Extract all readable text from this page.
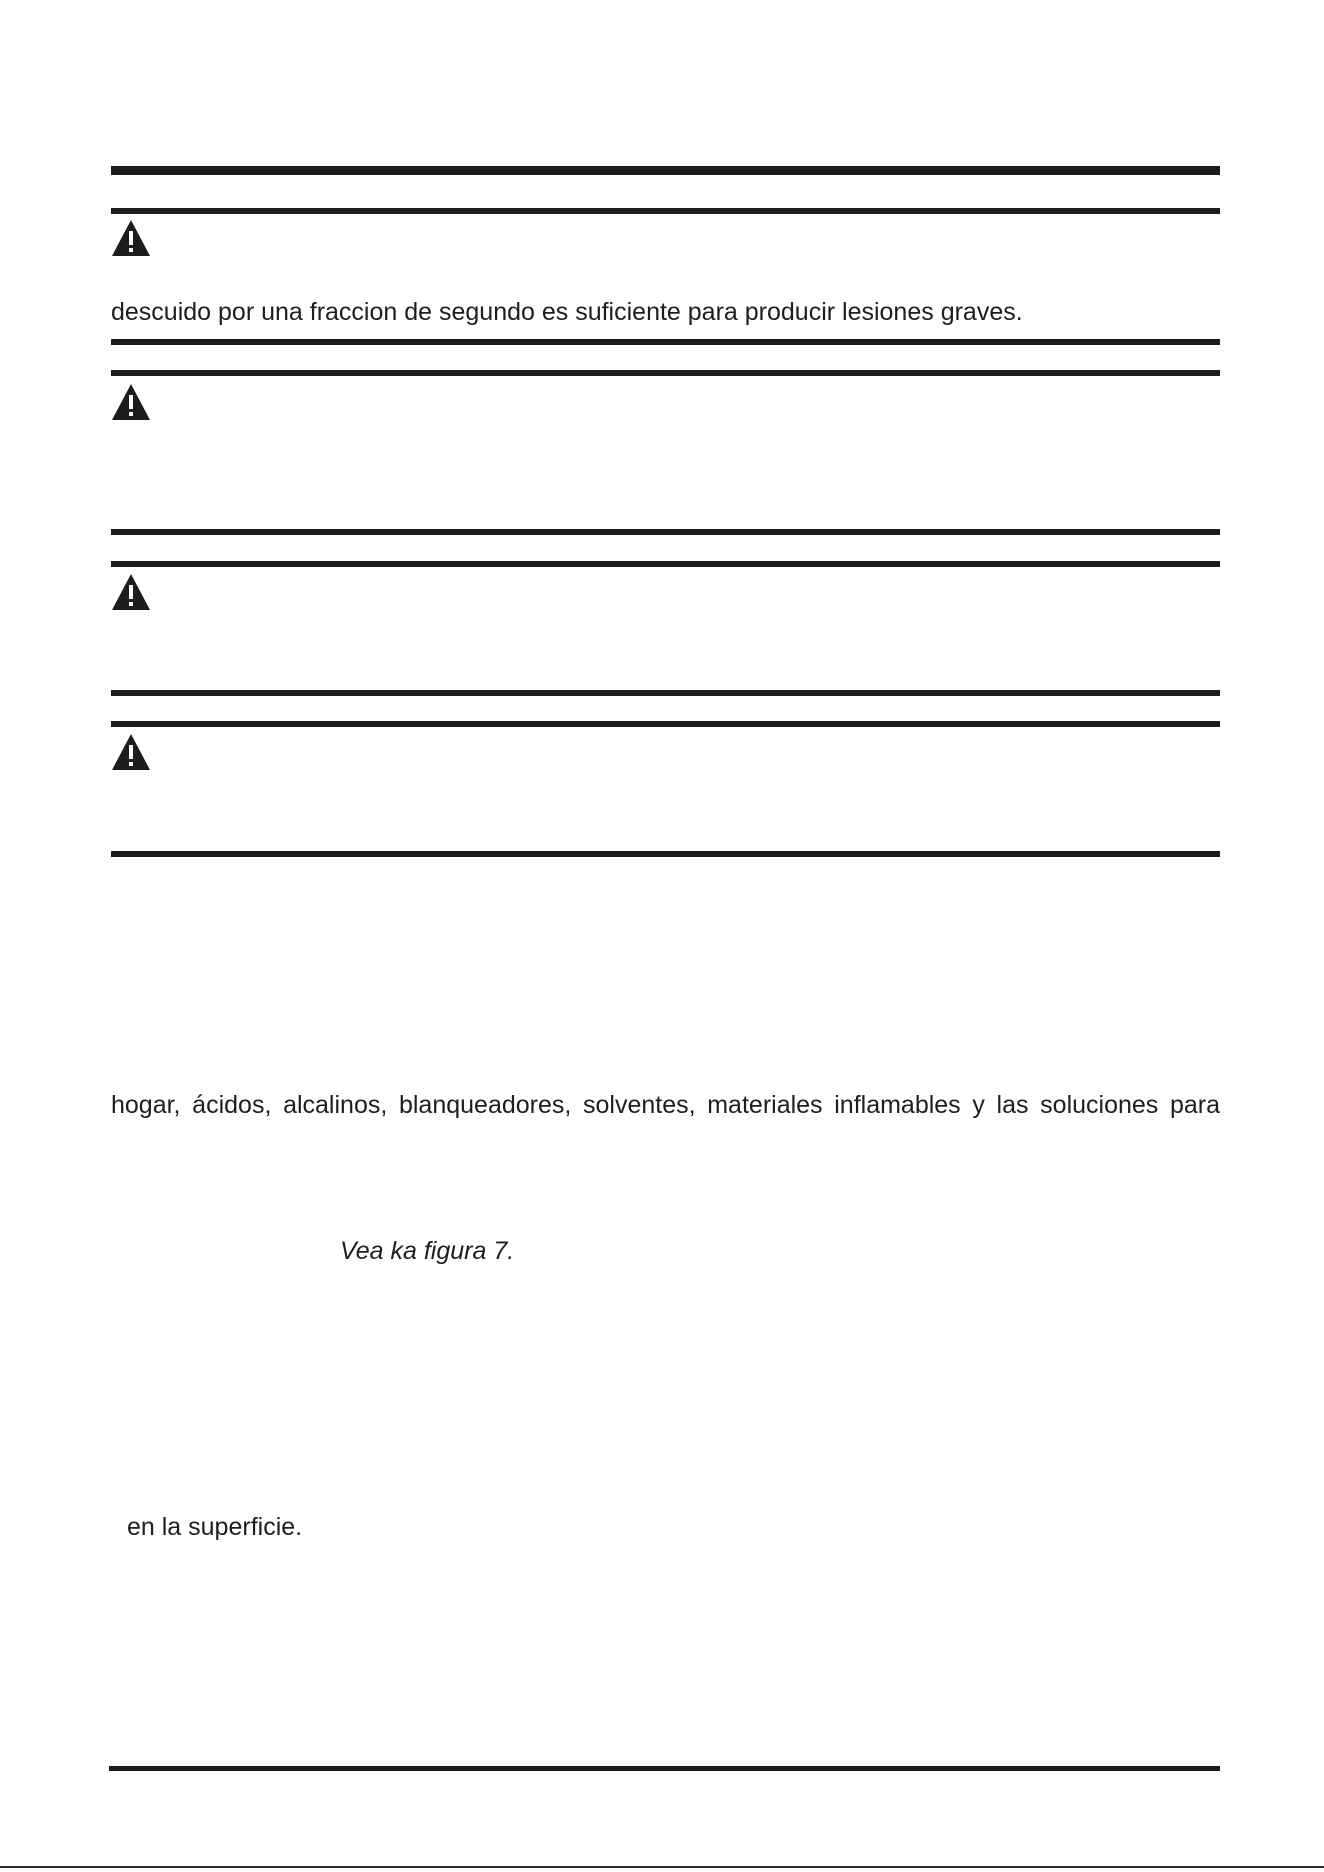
descuido por una fraccion de segundo es suficiente para producir lesiones graves.
hogar, ácidos, alcalinos, blanqueadores, solventes, materiales inflamables y las soluciones para
Vea ka figura 7.
en la superficie.
